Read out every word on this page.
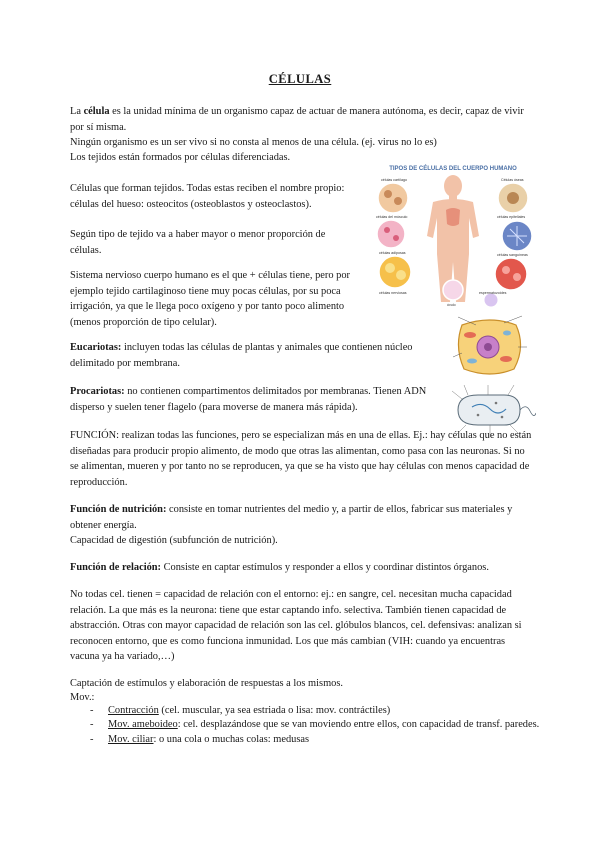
CÉLULAS

La célula es la unidad mínima de un organismo capaz de actuar de manera autónoma, es decir, capaz de vivir por sí misma.

Ningún organismo es un ser vivo si no consta al menos de una célula. (ej. virus no lo es)

Los tejidos están formados por células diferenciadas.

Células que forman tejidos. Todas estas reciben el nombre propio: células del hueso: osteocitos (osteoblastos y osteoclastos).

Según tipo de tejido va a haber mayor o menor proporción de células.

Sistema nervioso cuerpo humano es el que + células tiene, pero por ejemplo tejido cartilaginoso tiene muy pocas células, por su poca irrigación, ya que le llega poco oxígeno y por tanto poco alimento (menos proporción de tipo celular).

Eucariotas: incluyen todas las células de plantas y animales que contienen núcleo delimitado por membrana.

Procariotas: no contienen compartimentos delimitados por membranas. Tienen ADN disperso y suelen tener flagelo (para moverse de manera más rápida).

FUNCIÓN: realizan todas las funciones, pero se especializan más en una de ellas. Ej.: hay células que no están diseñadas para producir propio alimento, de modo que otras las alimentan, como pasa con las neuronas. Si no se alimentan, mueren y por tanto no se reproducen, ya que se ha visto que hay células con menos capacidad de reproducción.

Función de nutrición: consiste en tomar nutrientes del medio y, a partir de ellos, fabricar sus materiales y obtener energía.

Capacidad de digestión (subfunción de nutrición).

Función de relación: Consiste en captar estímulos y responder a ellos y coordinar distintos órganos.

No todas cel. tienen = capacidad de relación con el entorno: ej.: en sangre, cel. necesitan mucha capacidad relación. La que más es la neurona: tiene que estar captando info. selectiva. También tienen capacidad de abstracción. Otras con mayor capacidad de relación son las cel. glóbulos blancos, cel. defensivas: analizan si reconocen entorno, que es como funciona inmunidad. Los que más cambian (VIH: cuando ya encuentras vacuna ya ha variado,…)

Captación de estímulos y elaboración de respuestas a los mismos.

Mov.:

- Contracción (cel. muscular, ya sea estriada o lisa: mov. contráctiles)
- Mov. ameboideo: cel. desplazándose que se van moviendo entre ellos, con capacidad de transf. paredes.
- Mov. ciliar: o una cola o muchas colas: medusas
TIPOS DE CÉLULAS DEL CUERPO HUMANO
células cartílago	Células óseas
células del músculo
células adiposas
células epiteliales
células sanguíneas
células nerviosas
óvulo
espermatozoides
